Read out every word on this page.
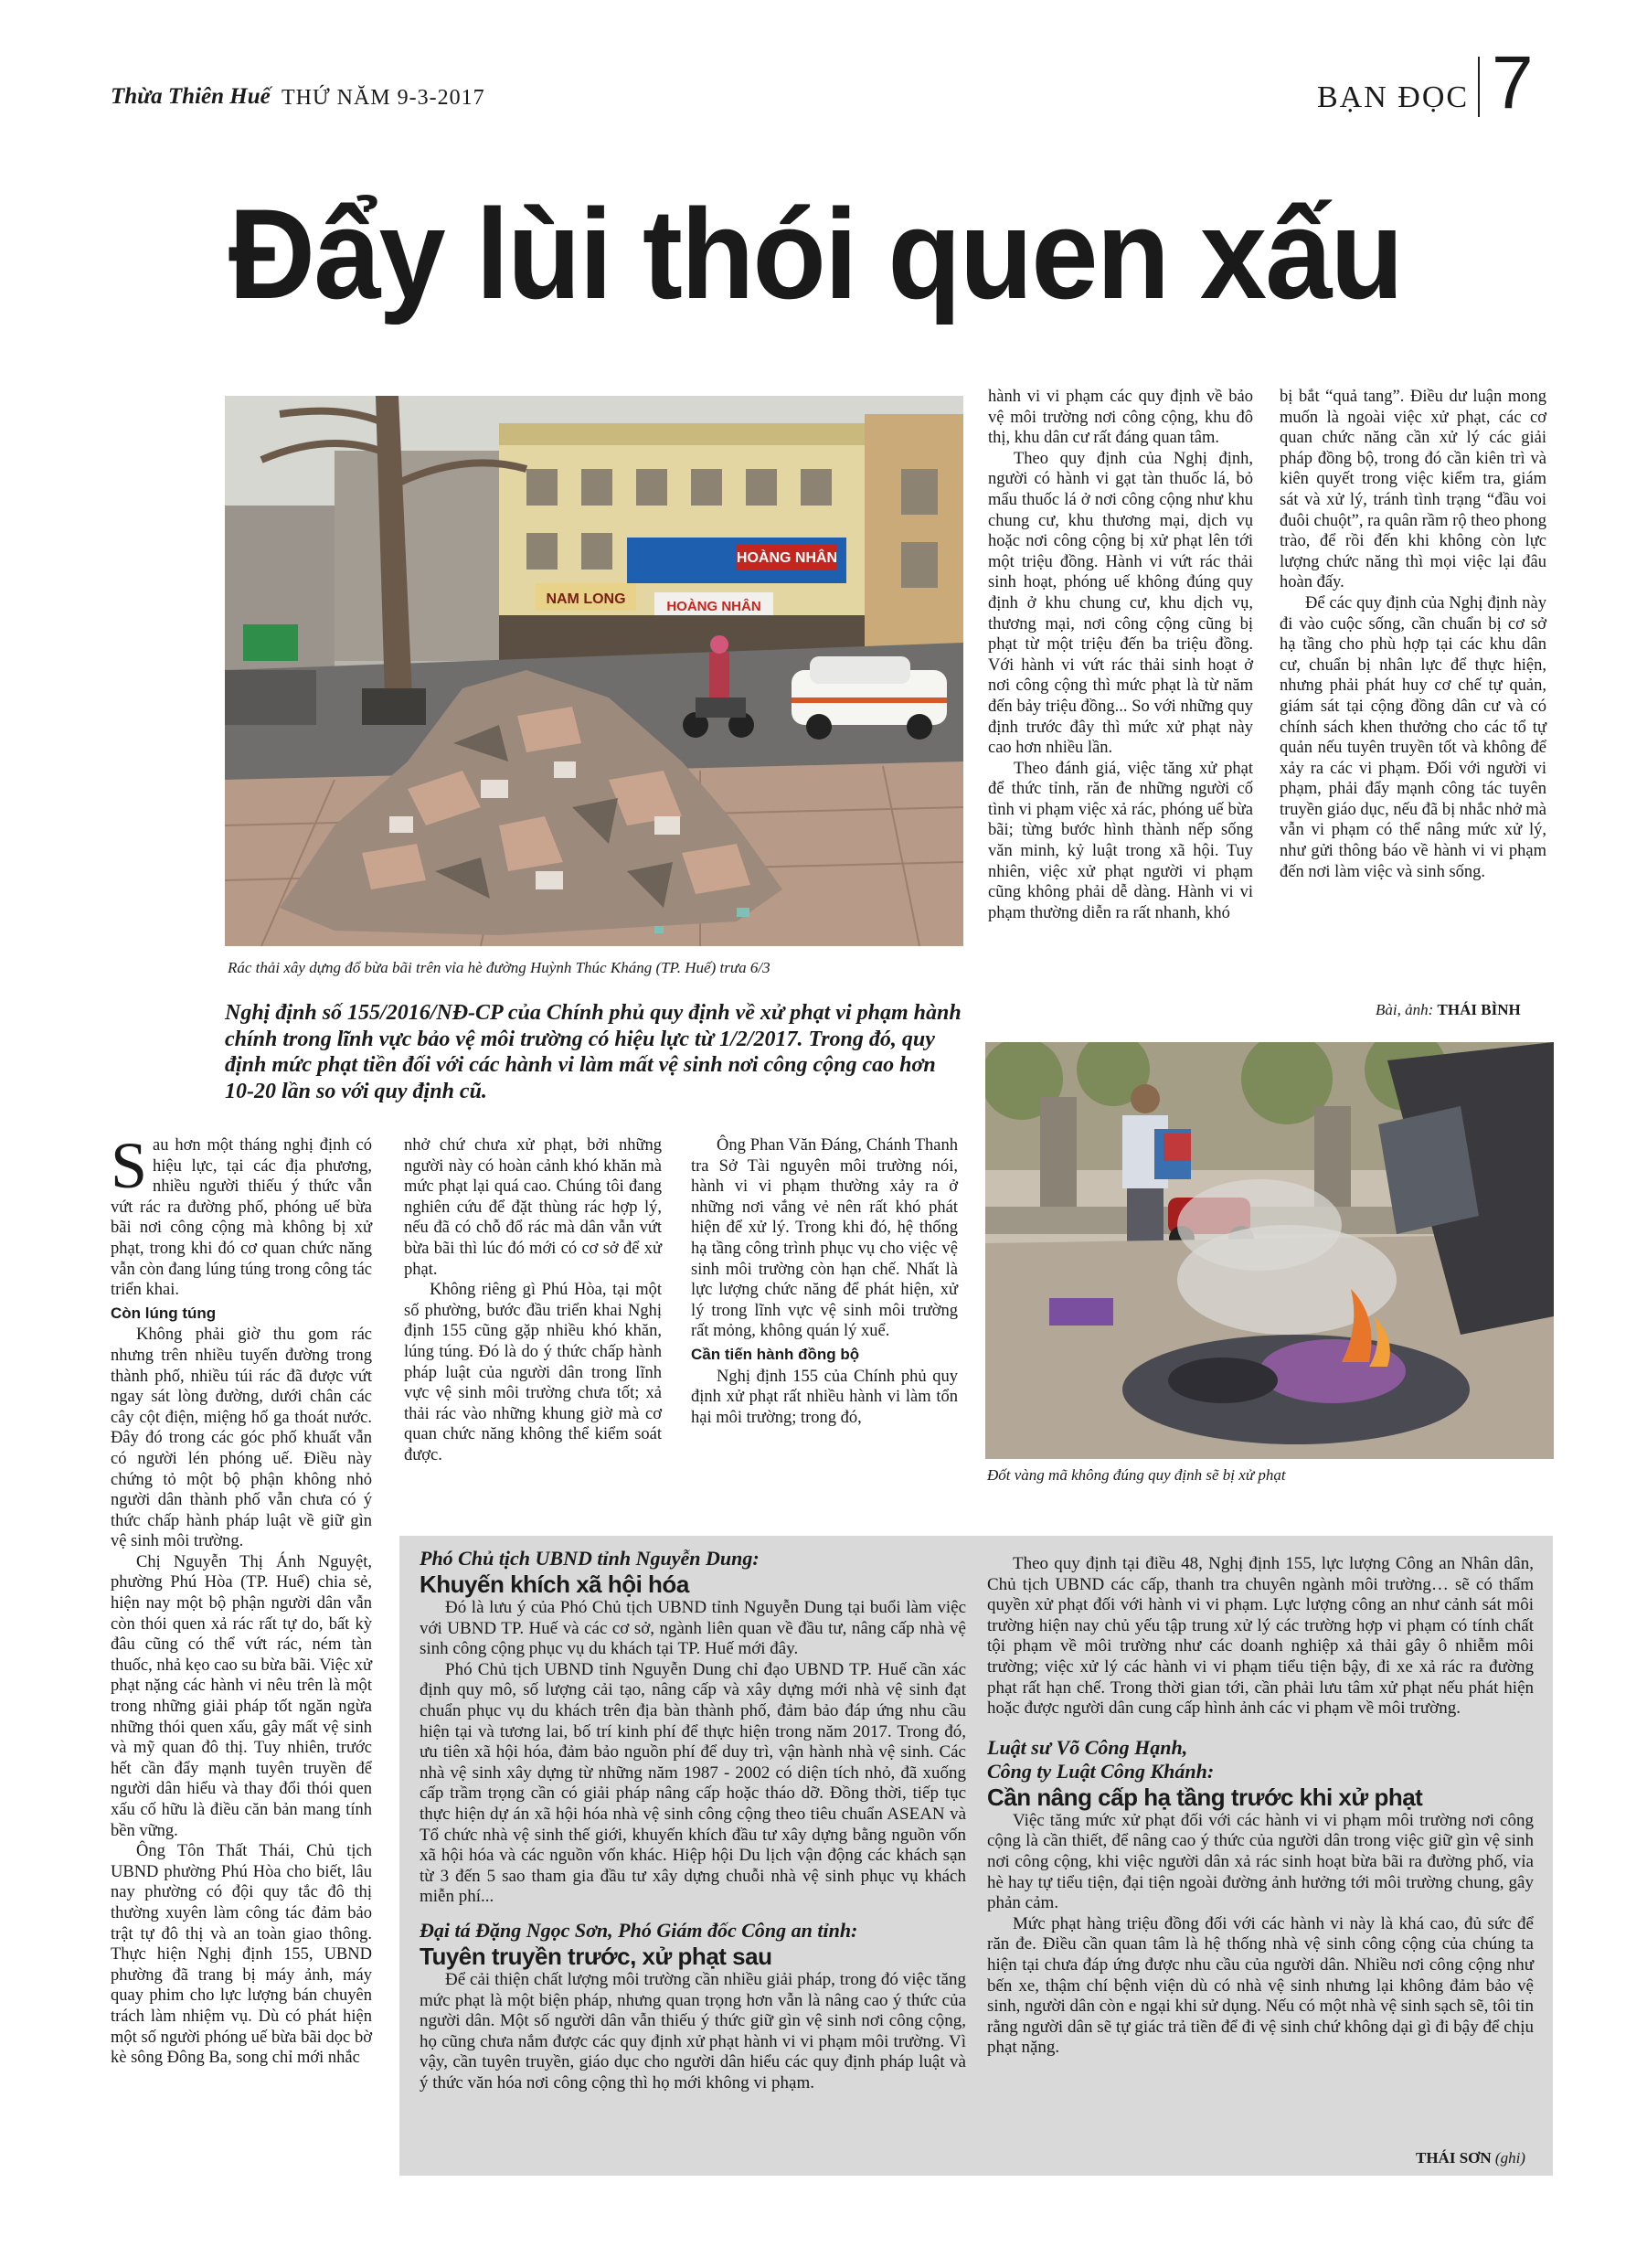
Thừa Thiên Huế THỨ NĂM 9-3-2017	BẠN ĐỌC 7
Đẩy lùi thói quen xấu
HOÀNG NHÂN
NAM LONG	HOÀNG NHÂN
Rác thải xây dựng đổ bừa bãi trên vỉa hè đường Huỳnh Thúc Kháng (TP. Huế) trưa 6/3
Nghị định số 155/2016/NĐ-CP của Chính phủ quy định về xử phạt vi phạm hành chính trong lĩnh vực bảo vệ môi trường có hiệu lực từ 1/2/2017. Trong đó, quy định mức phạt tiền đối với các hành vi làm mất vệ sinh nơi công cộng cao hơn 10-20 lần so với quy định cũ.
Bài, ảnh: THÁI BÌNH
Đốt vàng mã không đúng quy định sẽ bị xử phạt

Sau hơn một tháng nghị định có hiệu lực, tại các địa phương, nhiều người thiếu ý thức vẫn vứt rác ra đường phố, phóng uế bừa bãi nơi công cộng mà không bị xử phạt, trong khi đó cơ quan chức năng vẫn còn đang lúng túng trong công tác triển khai.

Còn lúng túng

Không phải giờ thu gom rác nhưng trên nhiều tuyến đường trong thành phố, nhiều túi rác đã được vứt ngay sát lòng đường, dưới chân các cây cột điện, miệng hố ga thoát nước. Đây đó trong các góc phố khuất vẫn có người lén phóng uế. Điều này chứng tỏ một bộ phận không nhỏ người dân thành phố vẫn chưa có ý thức chấp hành pháp luật về giữ gìn vệ sinh môi trường.

Chị Nguyễn Thị Ánh Nguyệt, phường Phú Hòa (TP. Huế) chia sẻ, hiện nay một bộ phận người dân vẫn còn thói quen xả rác rất tự do, bất kỳ đâu cũng có thể vứt rác, ném tàn thuốc, nhả kẹo cao su bừa bãi. Việc xử phạt nặng các hành vi nêu trên là một trong những giải pháp tốt ngăn ngừa những thói quen xấu, gây mất vệ sinh và mỹ quan đô thị. Tuy nhiên, trước hết cần đẩy mạnh tuyên truyền để người dân hiểu và thay đổi thói quen xấu cố hữu là điều căn bản mang tính bền vững.

Ông Tôn Thất Thái, Chủ tịch UBND phường Phú Hòa cho biết, lâu nay phường có đội quy tắc đô thị thường xuyên làm công tác đảm bảo trật tự đô thị và an toàn giao thông. Thực hiện Nghị định 155, UBND phường đã trang bị máy ảnh, máy quay phim cho lực lượng bán chuyên trách làm nhiệm vụ. Dù có phát hiện một số người phóng uế bừa bãi dọc bờ kè sông Đông Ba, song chỉ mới nhắc

nhở chứ chưa xử phạt, bởi những người này có hoàn cảnh khó khăn mà mức phạt lại quá cao. Chúng tôi đang nghiên cứu để đặt thùng rác hợp lý, nếu đã có chỗ đổ rác mà dân vẫn vứt bừa bãi thì lúc đó mới có cơ sở để xử phạt.

Không riêng gì Phú Hòa, tại một số phường, bước đầu triển khai Nghị định 155 cũng gặp nhiều khó khăn, lúng túng. Đó là do ý thức chấp hành pháp luật của người dân trong lĩnh vực vệ sinh môi trường chưa tốt; xả thải rác vào những khung giờ mà cơ quan chức năng không thể kiểm soát được.

Ông Phan Văn Đáng, Chánh Thanh tra Sở Tài nguyên môi trường nói, hành vi vi phạm thường xảy ra ở những nơi vắng vẻ nên rất khó phát hiện để xử lý. Trong khi đó, hệ thống hạ tầng công trình phục vụ cho việc vệ sinh môi trường còn hạn chế. Nhất là lực lượng chức năng để phát hiện, xử lý trong lĩnh vực vệ sinh môi trường rất mỏng, không quán lý xuể.

Cần tiến hành đồng bộ

Nghị định 155 của Chính phủ quy định xử phạt rất nhiều hành vi làm tổn hại môi trường; trong đó,

hành vi vi phạm các quy định về bảo vệ môi trường nơi công cộng, khu đô thị, khu dân cư rất đáng quan tâm.

Theo quy định của Nghị định, người có hành vi gạt tàn thuốc lá, bỏ mẩu thuốc lá ở nơi công cộng như khu chung cư, khu thương mại, dịch vụ hoặc nơi công cộng bị xử phạt lên tới một triệu đồng. Hành vi vứt rác thải sinh hoạt, phóng uế không đúng quy định ở khu chung cư, khu dịch vụ, thương mại, nơi công cộng cũng bị phạt từ một triệu đến ba triệu đồng. Với hành vi vứt rác thải sinh hoạt ở nơi công cộng thì mức phạt là từ năm đến bảy triệu đồng... So với những quy định trước đây thì mức xử phạt này cao hơn nhiều lần.

Theo đánh giá, việc tăng xử phạt để thức tỉnh, răn đe những người cố tình vi phạm việc xả rác, phóng uế bừa bãi; từng bước hình thành nếp sống văn minh, kỷ luật trong xã hội. Tuy nhiên, việc xử phạt người vi phạm cũng không phải dễ dàng. Hành vi vi phạm thường diễn ra rất nhanh, khó

bị bắt “quả tang”. Điều dư luận mong muốn là ngoài việc xử phạt, các cơ quan chức năng cần xử lý các giải pháp đồng bộ, trong đó cần kiên trì và kiên quyết trong việc kiểm tra, giám sát và xử lý, tránh tình trạng “đầu voi đuôi chuột”, ra quân rầm rộ theo phong trào, để rồi đến khi không còn lực lượng chức năng thì mọi việc lại đâu hoàn đấy.

Để các quy định của Nghị định này đi vào cuộc sống, cần chuẩn bị cơ sở hạ tầng cho phù hợp tại các khu dân cư, chuẩn bị nhân lực để thực hiện, nhưng phải phát huy cơ chế tự quản, giám sát tại cộng đồng dân cư và có chính sách khen thưởng cho các tổ tự quản nếu tuyên truyền tốt và không để xảy ra các vi phạm. Đối với người vi phạm, phải đẩy mạnh công tác tuyên truyền giáo dục, nếu đã bị nhắc nhở mà vẫn vi phạm có thể nâng mức xử lý, như gửi thông báo về hành vi vi phạm đến nơi làm việc và sinh sống.

Phó Chủ tịch UBND tỉnh Nguyễn Dung:

Khuyến khích xã hội hóa

Đó là lưu ý của Phó Chủ tịch UBND tỉnh Nguyễn Dung tại buổi làm việc với UBND TP. Huế và các cơ sở, ngành liên quan về đầu tư, nâng cấp nhà vệ sinh công cộng phục vụ du khách tại TP. Huế mới đây.

Phó Chủ tịch UBND tỉnh Nguyễn Dung chỉ đạo UBND TP. Huế cần xác định quy mô, số lượng cải tạo, nâng cấp và xây dựng mới nhà vệ sinh đạt chuẩn phục vụ du khách trên địa bàn thành phố, đảm bảo đáp ứng nhu cầu hiện tại và tương lai, bố trí kinh phí để thực hiện trong năm 2017. Trong đó, ưu tiên xã hội hóa, đảm bảo nguồn phí để duy trì, vận hành nhà vệ sinh. Các nhà vệ sinh xây dựng từ những năm 1987 - 2002 có diện tích nhỏ, đã xuống cấp trầm trọng cần có giải pháp nâng cấp hoặc tháo dỡ. Đồng thời, tiếp tục thực hiện dự án xã hội hóa nhà vệ sinh công cộng theo tiêu chuẩn ASEAN và Tổ chức nhà vệ sinh thế giới, khuyến khích đầu tư xây dựng bằng nguồn vốn xã hội hóa và các nguồn vốn khác. Hiệp hội Du lịch vận động các khách sạn từ 3 đến 5 sao tham gia đầu tư xây dựng chuỗi nhà vệ sinh phục vụ khách miễn phí...

Đại tá Đặng Ngọc Sơn, Phó Giám đốc Công an tỉnh:

Tuyên truyền trước, xử phạt sau

Để cải thiện chất lượng môi trường cần nhiều giải pháp, trong đó việc tăng mức phạt là một biện pháp, nhưng quan trọng hơn vẫn là nâng cao ý thức của người dân. Một số người dân vẫn thiếu ý thức giữ gìn vệ sinh nơi công cộng, họ cũng chưa nắm được các quy định xử phạt hành vi vi phạm môi trường. Vì vậy, cần tuyên truyền, giáo dục cho người dân hiểu các quy định pháp luật và ý thức văn hóa nơi công cộng thì họ mới không vi phạm.

Theo quy định tại điều 48, Nghị định 155, lực lượng Công an Nhân dân, Chủ tịch UBND các cấp, thanh tra chuyên ngành môi trường… sẽ có thẩm quyền xử phạt đối với hành vi vi phạm. Lực lượng công an như cảnh sát môi trường hiện nay chủ yếu tập trung xử lý các trường hợp vi phạm có tính chất tội phạm về môi trường như các doanh nghiệp xả thải gây ô nhiễm môi trường; việc xử lý các hành vi vi phạm tiểu tiện bậy, đi xe xả rác ra đường phạt rất hạn chế. Trong thời gian tới, cần phải lưu tâm xử phạt nếu phát hiện hoặc được người dân cung cấp hình ảnh các vi phạm về môi trường.

Luật sư Võ Công Hạnh,

Công ty Luật Công Khánh:

Cần nâng cấp hạ tầng trước khi xử phạt

Việc tăng mức xử phạt đối với các hành vi vi phạm môi trường nơi công cộng là cần thiết, để nâng cao ý thức của người dân trong việc giữ gìn vệ sinh nơi công cộng, khi việc người dân xả rác sinh hoạt bừa bãi ra đường phố, vỉa hè hay tự tiểu tiện, đại tiện ngoài đường ảnh hưởng tới môi trường chung, gây phản cảm.

Mức phạt hàng triệu đồng đối với các hành vi này là khá cao, đủ sức để răn đe. Điều cần quan tâm là hệ thống nhà vệ sinh công cộng của chúng ta hiện tại chưa đáp ứng được nhu cầu của người dân. Nhiều nơi công cộng như bến xe, thậm chí bệnh viện dù có nhà vệ sinh nhưng lại không đảm bảo vệ sinh, người dân còn e ngại khi sử dụng. Nếu có một nhà vệ sinh sạch sẽ, tôi tin rằng người dân sẽ tự giác trả tiền để đi vệ sinh chứ không dại gì đi bậy để chịu phạt nặng.

THÁI SƠN (ghi)
